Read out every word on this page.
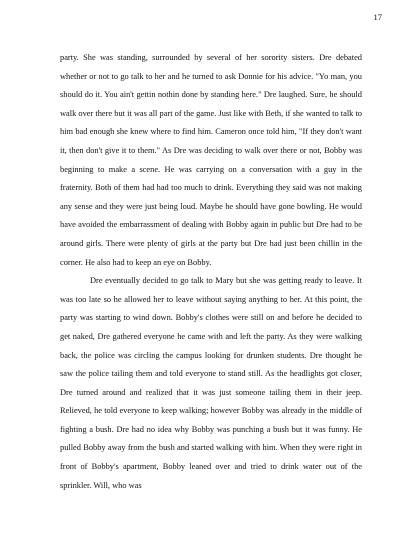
17

party. She was standing, surrounded by several of her sorority sisters. Dre debated whether or not to go talk to her and he turned to ask Donnie for his advice. "Yo man, you should do it. You ain't gettin nothin done by standing here." Dre laughed. Sure, he should walk over there but it was all part of the game. Just like with Beth, if she wanted to talk to him bad enough she knew where to find him. Cameron once told him, "If they don't want it, then don't give it to them." As Dre was deciding to walk over there or not, Bobby was beginning to make a scene. He was carrying on a conversation with a guy in the fraternity. Both of them had had too much to drink. Everything they said was not making any sense and they were just being loud. Maybe he should have gone bowling. He would have avoided the embarrassment of dealing with Bobby again in public but Dre had to be around girls. There were plenty of girls at the party but Dre had just been chillin in the corner. He also had to keep an eye on Bobby.

Dre eventually decided to go talk to Mary but she was getting ready to leave. It was too late so he allowed her to leave without saying anything to her. At this point, the party was starting to wind down. Bobby's clothes were still on and before he decided to get naked, Dre gathered everyone he came with and left the party. As they were walking back, the police was circling the campus looking for drunken students. Dre thought he saw the police tailing them and told everyone to stand still. As the headlights got closer, Dre turned around and realized that it was just someone tailing them in their jeep. Relieved, he told everyone to keep walking; however Bobby was already in the middle of fighting a bush. Dre had no idea why Bobby was punching a bush but it was funny. He pulled Bobby away from the bush and started walking with him. When they were right in front of Bobby's apartment, Bobby leaned over and tried to drink water out of the sprinkler. Will, who was
